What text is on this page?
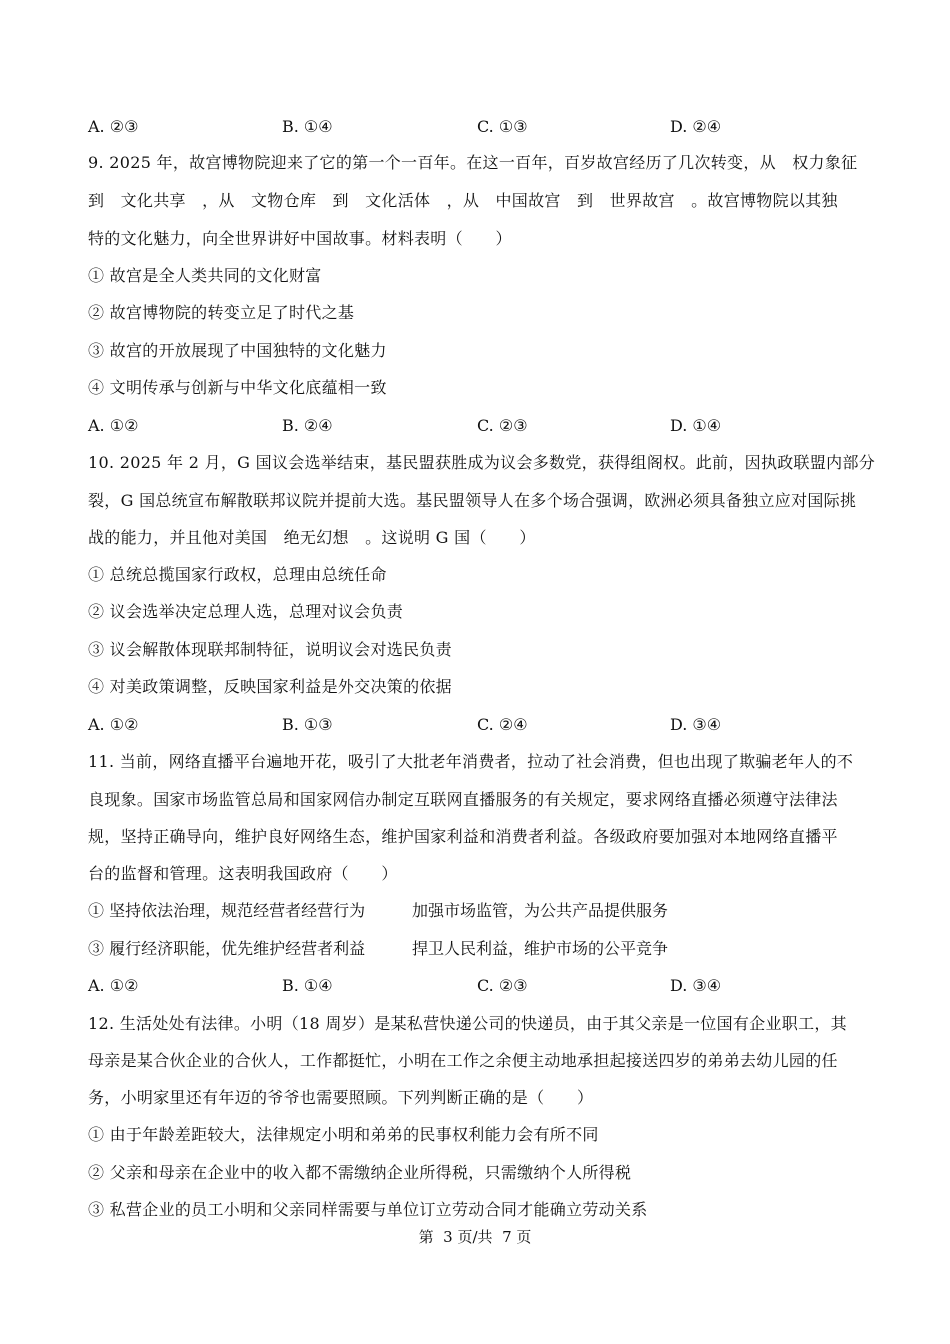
A. ②③	B. ①④	C. ①③	D. ②④
9. 2025 年，故宫博物院迎来了它的第一个一百年。在这一百年，百岁故宫经历了几次转变，从　权力象征
到　文化共享　，从　文物仓库　到　文化活体　，从　中国故宫　到　世界故宫　。故宫博物院以其独
特的文化魅力，向全世界讲好中国故事。材料表明（　　）
① 故宫是全人类共同的文化财富
② 故宫博物院的转变立足了时代之基
③ 故宫的开放展现了中国独特的文化魅力
④ 文明传承与创新与中华文化底蕴相一致
A. ①②	B. ②④	C. ②③	D. ①④
10. 2025 年 2 月，G 国议会选举结束，基民盟获胜成为议会多数党，获得组阁权。此前，因执政联盟内部分
裂，G 国总统宣布解散联邦议院并提前大选。基民盟领导人在多个场合强调，欧洲必须具备独立应对国际挑
战的能力，并且他对美国　绝无幻想　。这说明 G 国（　　）
① 总统总揽国家行政权，总理由总统任命
② 议会选举决定总理人选，总理对议会负责
③ 议会解散体现联邦制特征，说明议会对选民负责
④ 对美政策调整，反映国家利益是外交决策的依据
A. ①②	B. ①③	C. ②④	D. ③④
11. 当前，网络直播平台遍地开花，吸引了大批老年消费者，拉动了社会消费，但也出现了欺骗老年人的不
良现象。国家市场监管总局和国家网信办制定互联网直播服务的有关规定，要求网络直播必须遵守法律法
规，坚持正确导向，维护良好网络生态，维护国家利益和消费者利益。各级政府要加强对本地网络直播平
台的监督和管理。这表明我国政府（　　）
① 坚持依法治理，规范经营者经营行为	加强市场监管，为公共产品提供服务
③ 履行经济职能，优先维护经营者利益	捍卫人民利益，维护市场的公平竞争
A. ①②	B. ①④	C. ②③	D. ③④
12. 生活处处有法律。小明（18 周岁）是某私营快递公司的快递员，由于其父亲是一位国有企业职工，其
母亲是某合伙企业的合伙人，工作都挺忙，小明在工作之余便主动地承担起接送四岁的弟弟去幼儿园的任
务，小明家里还有年迈的爷爷也需要照顾。下列判断正确的是（　　）
① 由于年龄差距较大，法律规定小明和弟弟的民事权利能力会有所不同
② 父亲和母亲在企业中的收入都不需缴纳企业所得税，只需缴纳个人所得税
③ 私营企业的员工小明和父亲同样需要与单位订立劳动合同才能确立劳动关系
第  3 页/共  7 页
